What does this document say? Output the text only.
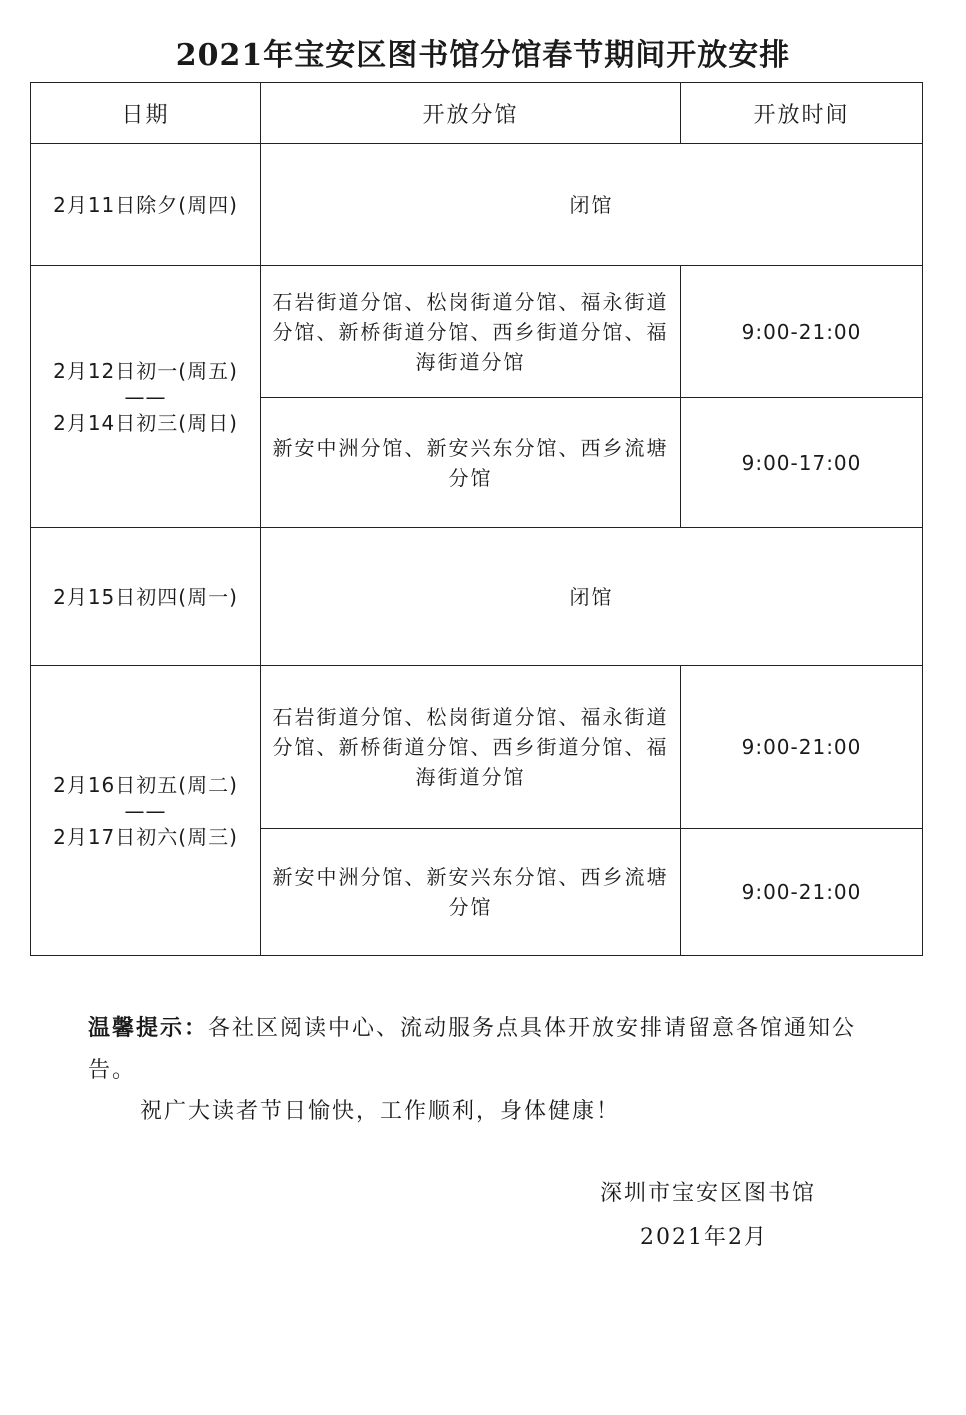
2021年宝安区图书馆分馆春节期间开放安排
日期	开放分馆	开放时间
2月11日除夕(周四)	闭馆	
2月12日初一(周五)
——
2月14日初三(周日)	石岩街道分馆、松岗街道分馆、福永街道分馆、新桥街道分馆、西乡街道分馆、福海街道分馆	9:00-21:00
	新安中洲分馆、新安兴东分馆、西乡流塘分馆	9:00-17:00
2月15日初四(周一)	闭馆	
2月16日初五(周二)
——
2月17日初六(周三)	石岩街道分馆、松岗街道分馆、福永街道分馆、新桥街道分馆、西乡街道分馆、福海街道分馆	9:00-21:00
	新安中洲分馆、新安兴东分馆、西乡流塘分馆	9:00-21:00
温馨提示：各社区阅读中心、流动服务点具体开放安排请留意各馆通知公告。
祝广大读者节日愉快，工作顺利，身体健康！
深圳市宝安区图书馆
2021年2月
